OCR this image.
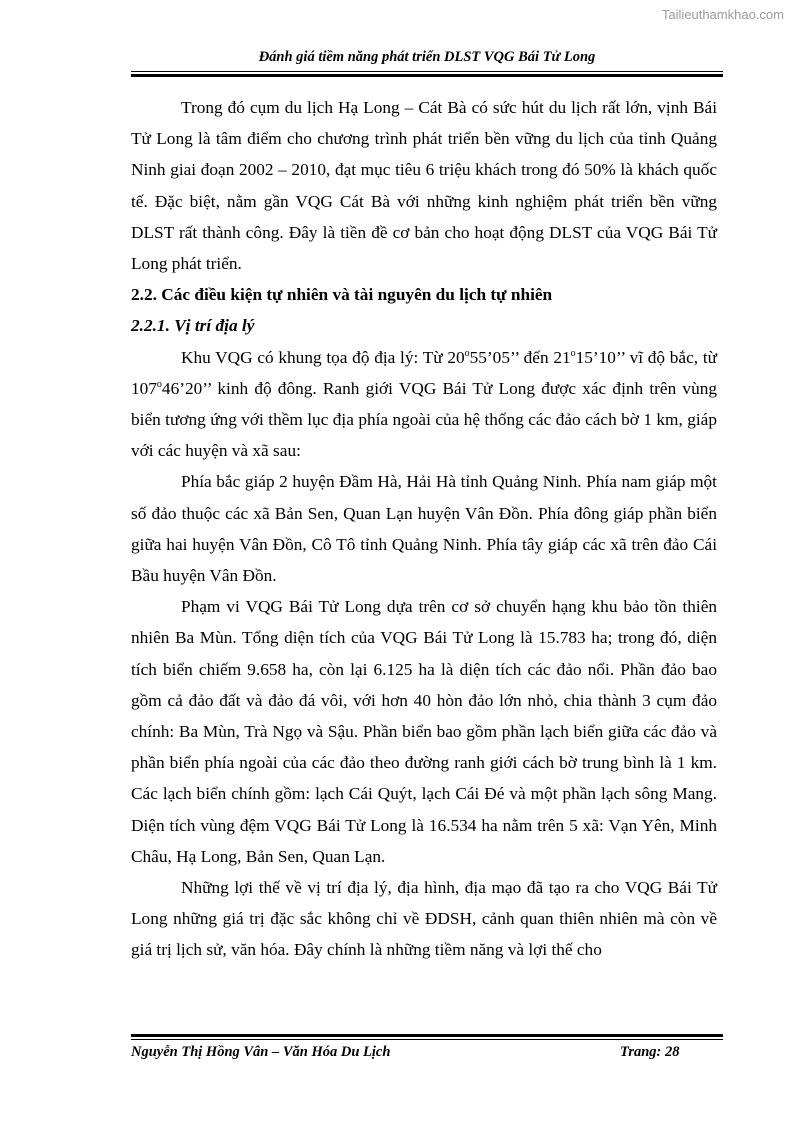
Tailieuthamkhao.com
Đánh giá tiềm năng phát triển DLST VQG Bái Tử Long

Trong đó cụm du lịch Hạ Long – Cát Bà có sức hút du lịch rất lớn, vịnh Bái Tử Long là tâm điểm cho chương trình phát triển bền vững du lịch của tỉnh Quảng Ninh giai đoạn 2002 – 2010, đạt mục tiêu 6 triệu khách trong đó 50% là khách quốc tế. Đặc biệt, nằm gần VQG Cát Bà với những kinh nghiệm phát triển bền vững DLST rất thành công. Đây là tiền đề cơ bản cho hoạt động DLST của VQG Bái Tử Long phát triển.

2.2. Các điều kiện tự nhiên và tài nguyên du lịch tự nhiên

2.2.1. Vị trí địa lý

Khu VQG có khung tọa độ địa lý: Từ 20$^o$55’05’’ đến 21$^o$15’10’’ vĩ độ bắc, từ 107$^o$46’20’’ kinh độ đông. Ranh giới VQG Bái Tử Long được xác định trên vùng biển tương ứng với thềm lục địa phía ngoài của hệ thống các đảo cách bờ 1 km, giáp với các huyện và xã sau:

Phía bắc giáp 2 huyện Đầm Hà, Hải Hà tỉnh Quảng Ninh. Phía nam giáp một số đảo thuộc các xã Bản Sen, Quan Lạn huyện Vân Đồn. Phía đông giáp phần biển giữa hai huyện Vân Đồn, Cô Tô tỉnh Quảng Ninh. Phía tây giáp các xã trên đảo Cái Bầu huyện Vân Đồn.

Phạm vi VQG Bái Tử Long dựa trên cơ sở chuyển hạng khu bảo tồn thiên nhiên Ba Mùn. Tổng diện tích của VQG Bái Tử Long là 15.783 ha; trong đó, diện tích biển chiếm 9.658 ha, còn lại 6.125 ha là diện tích các đảo nổi. Phần đảo bao gồm cả đảo đất và đảo đá vôi, với hơn 40 hòn đảo lớn nhỏ, chia thành 3 cụm đảo chính: Ba Mùn, Trà Ngọ và Sậu. Phần biển bao gồm phần lạch biển giữa các đảo và phần biển phía ngoài của các đảo theo đường ranh giới cách bờ trung bình là 1 km. Các lạch biển chính gồm: lạch Cái Quýt, lạch Cái Đé và một phần lạch sông Mang. Diện tích vùng đệm VQG Bái Tử Long là 16.534 ha nằm trên 5 xã: Vạn Yên, Minh Châu, Hạ Long, Bản Sen, Quan Lạn.

Những lợi thế về vị trí địa lý, địa hình, địa mạo đã tạo ra cho VQG Bái Tử Long những giá trị đặc sắc không chỉ về ĐDSH, cảnh quan thiên nhiên mà còn về giá trị lịch sử, văn hóa. Đây chính là những tiềm năng và lợi thế cho

Nguyễn Thị Hồng Vân – Văn Hóa Du Lịch	Trang: 28
